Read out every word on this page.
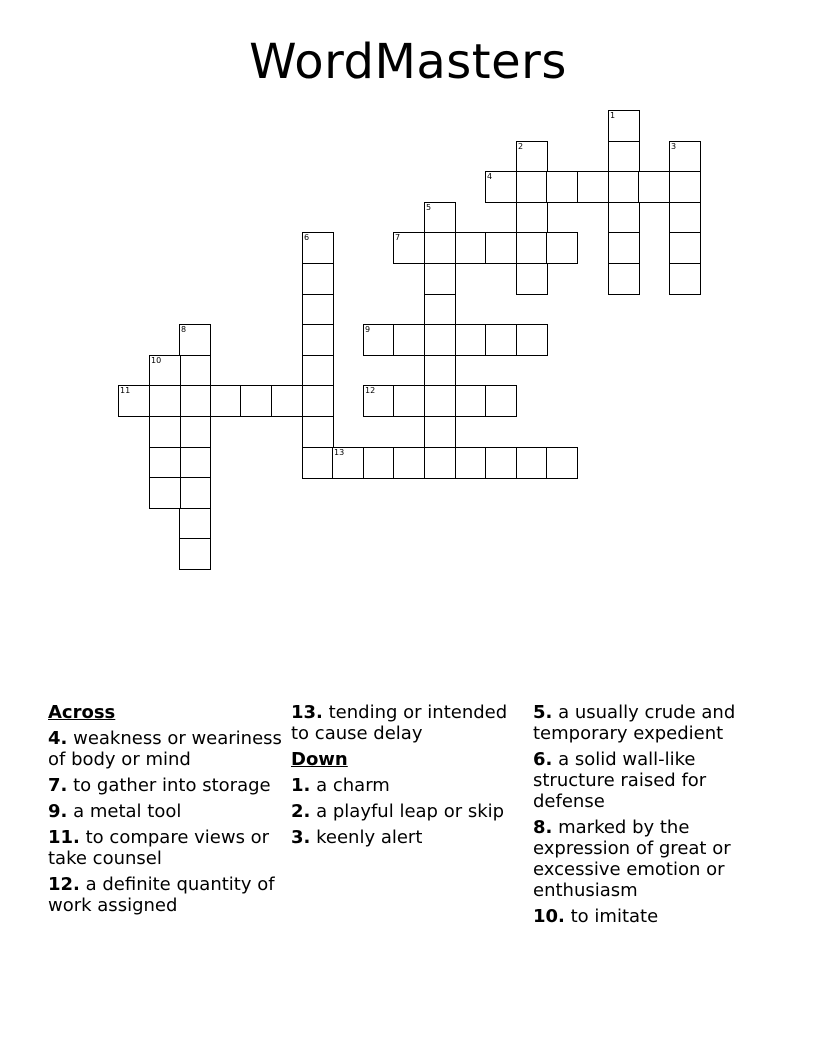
WordMasters
1
2	3
4
5
6	7
8	9
10
11	12
13
Across
4. weakness or weariness of body or mind
7. to gather into storage
9. a metal tool
11. to compare views or take counsel
12. a definite quantity of work assigned
13. tending or intended to cause delay
Down
1. a charm
2. a playful leap or skip
3. keenly alert
5. a usually crude and temporary expedient
6. a solid wall-like structure raised for defense
8. marked by the expression of great or excessive emotion or enthusiasm
10. to imitate
